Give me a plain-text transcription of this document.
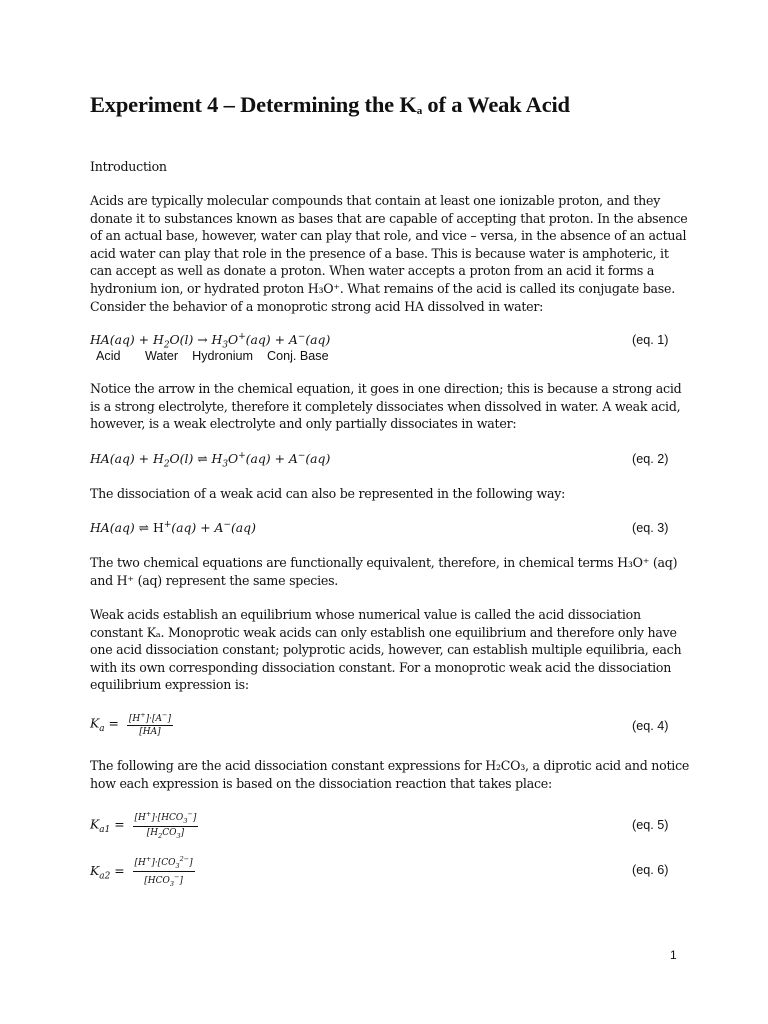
Experiment 4 – Determining the Ka of a Weak Acid
Introduction
Acids are typically molecular compounds that contain at least one ionizable proton, and they donate it to substances known as bases that are capable of accepting that proton. In the absence of an actual base, however, water can play that role, and vice – versa, in the absence of an actual acid water can play that role in the presence of a base. This is because water is amphoteric, it can accept as well as donate a proton. When water accepts a proton from an acid it forms a hydronium ion, or hydrated proton H₃O⁺. What remains of the acid is called its conjugate base. Consider the behavior of a monoprotic strong acid HA dissolved in water:
$HA(aq) + H_2O(l) \to H_3O^+(aq) + A^-(aq)$	(eq. 1)
Acid       Water    Hydronium    Conj. Base
Notice the arrow in the chemical equation, it goes in one direction; this is because a strong acid is a strong electrolyte, therefore it completely dissociates when dissolved in water. A weak acid, however, is a weak electrolyte and only partially dissociates in water:
$HA(aq) + H_2O(l)$ ⇌ $H_3O^+(aq) + A^-(aq)$	(eq. 2)
The dissociation of a weak acid can also be represented in the following way:
HA(aq) ⇌ H+(aq) + A−(aq)	(eq. 3)
The two chemical equations are functionally equivalent, therefore, in chemical terms H₃O⁺ (aq) and H⁺ (aq) represent the same species.
Weak acids establish an equilibrium whose numerical value is called the acid dissociation constant Kₐ. Monoprotic weak acids can only establish one equilibrium and therefore only have one acid dissociation constant; polyprotic acids, however, can establish multiple equilibria, each with its own corresponding dissociation constant. For a monoprotic weak acid the dissociation equilibrium expression is:
$K_a = \frac{[H^+]\cdot[A^-]}{[HA]}$	(eq. 4)
The following are the acid dissociation constant expressions for H₂CO₃, a diprotic acid and notice how each expression is based on the dissociation reaction that takes place:
$K_{a1} = \frac{[H^+]\cdot[HCO_3^-]}{[H_2CO_3]}$	(eq. 5)
$K_{a2} = \frac{[H^+]\cdot[CO_3^{2-}]}{[HCO_3^-]}$	(eq. 6)
1
